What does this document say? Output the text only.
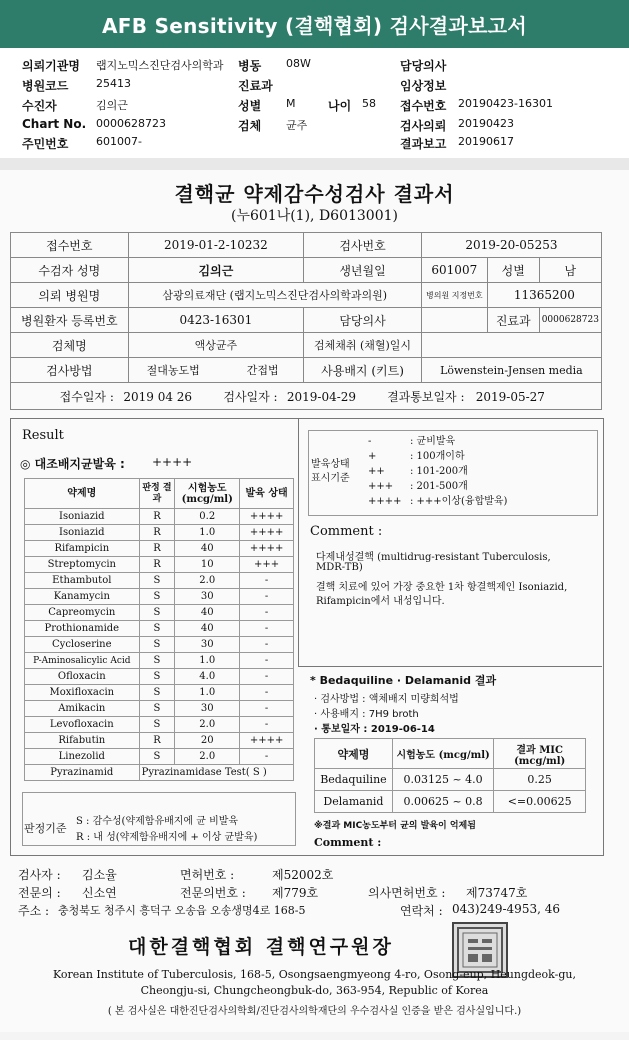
AFB Sensitivity (결핵협회) 검사결과보고서
의뢰기관명 랩지노믹스진단검사의학과 병동 08W	담당의사
병원코드	25413	진료과	임상정보
수진자	김의근	성별 M	나이 58 접수번호 20190423-16301
Chart No. 0000628723	검체 균주	검사의뢰 20190423
주민번호	601007-	결과보고 20190617
결핵균 약제감수성검사 결과서
(누601나(1), D6013001)
접수번호	2019-01-2-10232	검사번호	2019-20-05253		
수검자 성명	김의근	생년월일	601007	성별	남
의뢰 병원명	삼광의료재단 (랩지노믹스진단검사의학과의원)		병의원 지정번호	11365200	
병원환자 등록번호	0423-16301	담당의사		진료과	0000628723
검체명	액상균주	검체채취 (채혈)일시			
검사방법	절대농도법 간접법	사용배지 (키트)	Löwenstein-Jensen media		
접수일자 : 2019 04 26 검사일자 : 2019-04-29 결과통보일자 : 2019-05-27					
Result
◎ 대조배지균발육 : ++++
약제명	판정 결과	시험농도 (mcg/ml)	발육 상태
Isoniazid	R	0.2	++++
Isoniazid	R	1.0	++++
Rifampicin	R	40	++++
Streptomycin	R	10	+++
Ethambutol	S	2.0	-
Kanamycin	S	30	-
Capreomycin	S	40	-
Prothionamide	S	40	-
Cycloserine	S	30	-
P-Aminosalicylic Acid	S	1.0	-
Ofloxacin	S	4.0	-
Moxifloxacin	S	1.0	-
Amikacin	S	30	-
Levofloxacin	S	2.0	-
Rifabutin	R	20	++++
Linezolid	S	2.0	-
Pyrazinamid	Pyrazinamidase Test( S )		
판정기준
S : 감수성(약제함유배지에 균 비발육
R : 내 성(약제함유배지에 + 이상 균발육)
발육상태 표시기준
-	: 균비발육
+	: 100개이하
++	: 101-200개
+++ : 201-500개
++++ : +++이상(융합발육)
Comment :
다제내성결핵 (multidrug-resistant Tuberculosis,
MDR-TB)
결핵 치료에 있어 가장 중요한 1차 항결핵제인 Isoniazid,
Rifampicin에서 내성입니다.
* Bedaquiline · Delamanid 결과
· 검사방법 : 액체배지 미량희석법
· 사용배지 : 7H9 broth
· 통보일자 : 2019-06-14
약제명	시험농도 (mcg/ml)	결과 MIC (mcg/ml)
Bedaquiline	0.03125 ~ 4.0	0.25
Delamanid	0.00625 ~ 0.8	<=0.00625
※결과 MIC농도부터 균의 발육이 억제됨
Comment :
검사자 : 김소율	면허번호 :	제52002호
전문의 : 신소연	전문의번호 : 제779호	의사면허번호 : 제73747호
주소 : 충청북도 청주시 흥덕구 오송읍 오송생명4로 168-5	연락처 : 043)249-4953, 46
대한결핵협회 결핵연구원장
Korean Institute of Tuberculosis, 168-5, Osongsaengmyeong 4-ro, Osong-eup, Heungdeok-gu,
Cheongju-si, Chungcheongbuk-do, 363-954, Republic of Korea
( 본 검사실은 대한진단검사의학회/진단검사의학재단의 우수검사실 인증을 받은 검사실입니다.)
